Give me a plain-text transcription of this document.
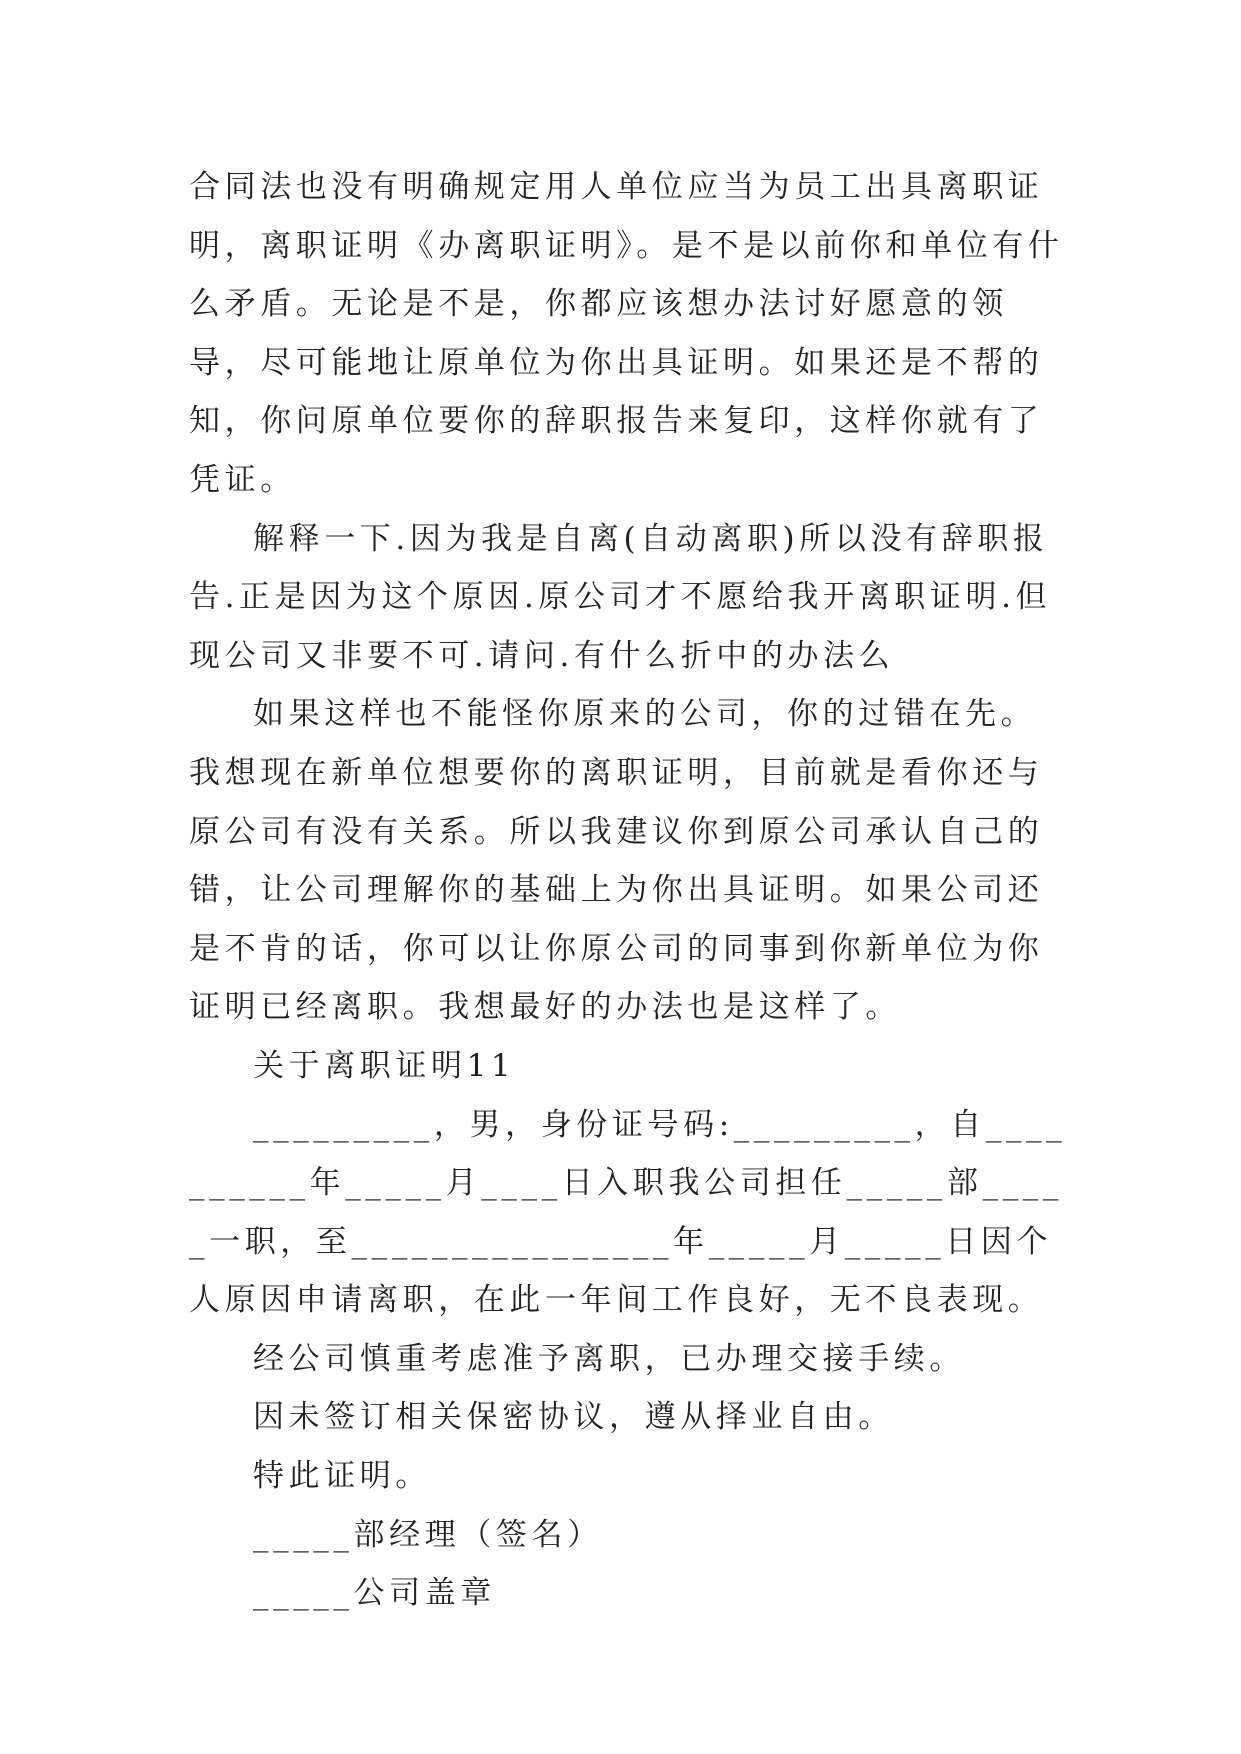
合同法也没有明确规定用人单位应当为员工出具离职证明，离职证明《办离职证明》。是不是以前你和单位有什么矛盾。无论是不是，你都应该想办法讨好愿意的领导，尽可能地让原单位为你出具证明。如果还是不帮的知，你问原单位要你的辞职报告来复印，这样你就有了凭证。

解释一下.因为我是自离(自动离职)所以没有辞职报告.正是因为这个原因.原公司才不愿给我开离职证明.但现公司又非要不可.请问.有什么折中的办法么

如果这样也不能怪你原来的公司，你的过错在先。我想现在新单位想要你的离职证明，目前就是看你还与原公司有没有关系。所以我建议你到原公司承认自己的错，让公司理解你的基础上为你出具证明。如果公司还是不肯的话，你可以让你原公司的同事到你新单位为你证明已经离职。我想最好的办法也是这样了。

关于离职证明11

_________，男，身份证号码:_________，自__________年_____月____日入职我公司担任_____部_____一职，至________________年_____月_____日因个人原因申请离职，在此一年间工作良好，无不良表现。

经公司慎重考虑准予离职，已办理交接手续。

因未签订相关保密协议，遵从择业自由。

特此证明。

_____部经理（签名）

_____公司盖章
